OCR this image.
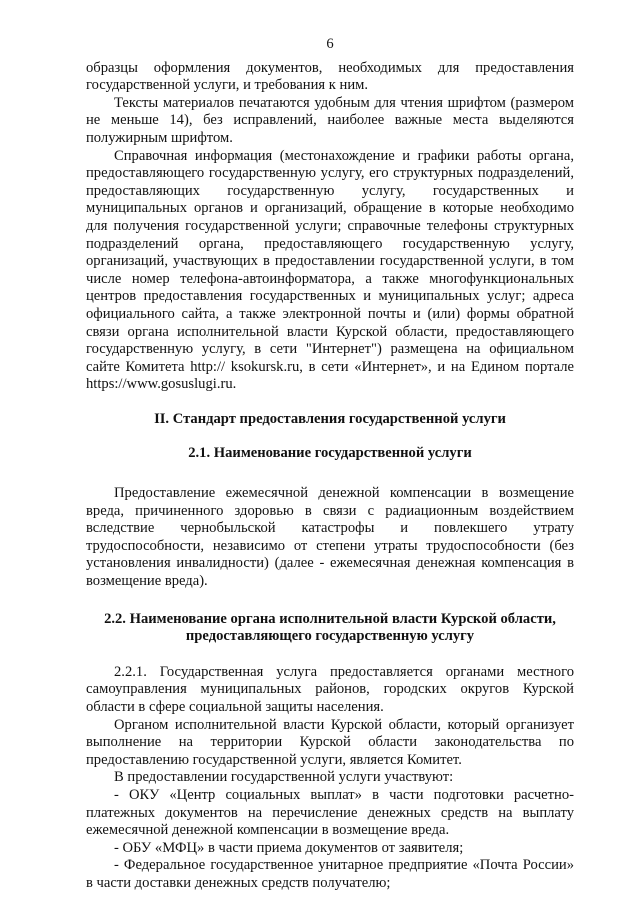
6

образцы оформления документов, необходимых для предоставления государственной услуги, и требования к ним.

Тексты материалов печатаются удобным для чтения шрифтом (размером не меньше 14), без исправлений, наиболее важные места выделяются полужирным шрифтом.

Справочная информация (местонахождение и графики работы органа, предоставляющего государственную услугу, его структурных подразделений, предоставляющих государственную услугу, государственных и муниципальных органов и организаций, обращение в которые необходимо для получения государственной услуги; справочные телефоны структурных подразделений органа, предоставляющего государственную услугу, организаций, участвующих в предоставлении государственной услуги, в том числе номер телефона-автоинформатора, а также многофункциональных центров предоставления государственных и муниципальных услуг; адреса официального сайта, а также электронной почты и (или) формы обратной связи органа исполнительной власти Курской области, предоставляющего государственную услугу, в сети "Интернет") размещена на официальном сайте Комитета http:// ksokursk.ru, в сети «Интернет», и на Едином портале https://www.gosuslugi.ru.

II. Стандарт предоставления государственной услуги
2.1. Наименование государственной услуги

Предоставление ежемесячной денежной компенсации в возмещение вреда, причиненного здоровью в связи с радиационным воздействием вследствие чернобыльской катастрофы и повлекшего утрату трудоспособности, независимо от степени утраты трудоспособности (без установления инвалидности) (далее - ежемесячная денежная компенсация в возмещение вреда).

2.2. Наименование органа исполнительной власти Курской области, предоставляющего государственную услугу

2.2.1. Государственная услуга предоставляется органами местного самоуправления муниципальных районов, городских округов Курской области в сфере социальной защиты населения.

Органом исполнительной власти Курской области, который организует выполнение на территории Курской области законодательства по предоставлению государственной услуги, является Комитет.

В предоставлении государственной услуги участвуют:

- ОКУ «Центр социальных выплат» в части подготовки расчетно-платежных документов на перечисление денежных средств на выплату ежемесячной денежной компенсации в возмещение вреда.

- ОБУ «МФЦ» в части приема документов от заявителя;

- Федеральное государственное унитарное предприятие «Почта России» в части доставки денежных средств получателю;
